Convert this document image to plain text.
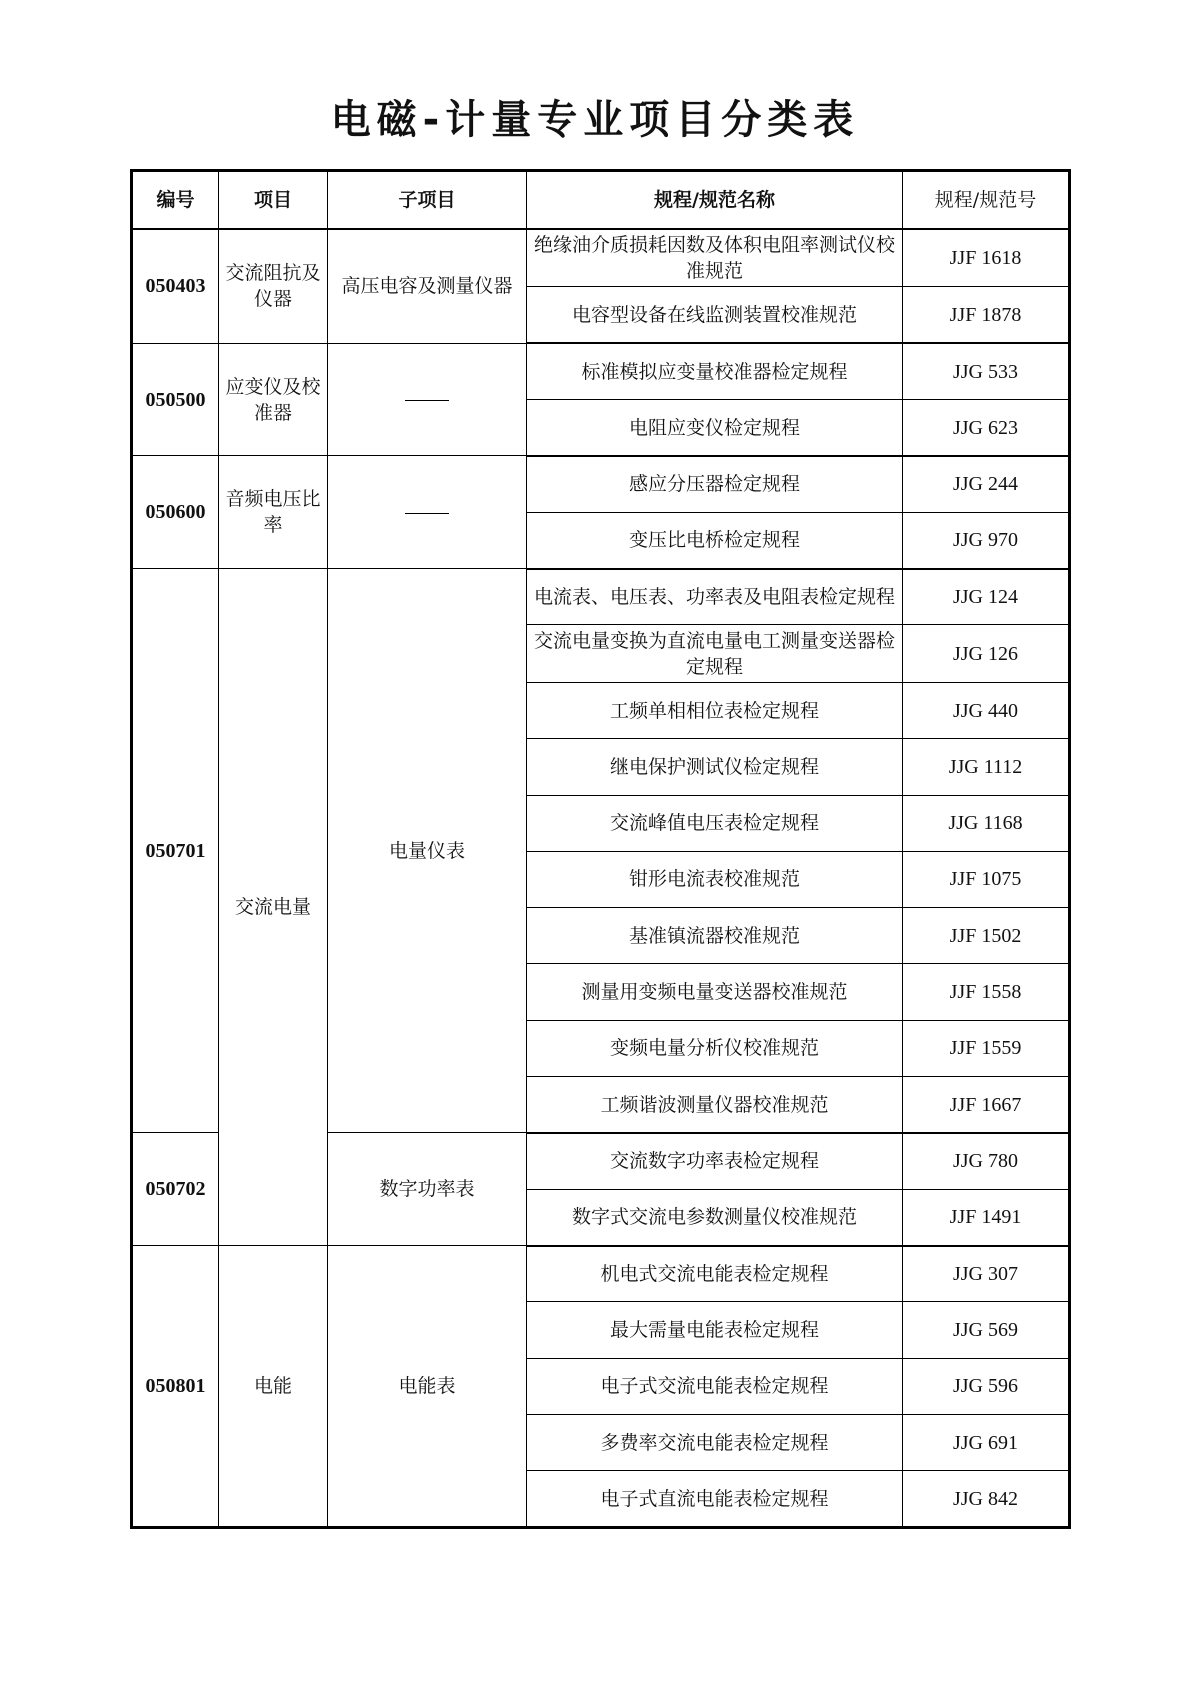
电磁-计量专业项目分类表
编号	项目	子项目	规程/规范名称	规程/规范号
050403	交流阻抗及仪器	高压电容及测量仪器	绝缘油介质损耗因数及体积电阻率测试仪校准规范	JJF 1618
			电容型设备在线监测装置校准规范	JJF 1878
050500	应变仪及校准器		标准模拟应变量校准器检定规程	JJG 533
			电阻应变仪检定规程	JJG 623
050600	音频电压比率		感应分压器检定规程	JJG 244
			变压比电桥检定规程	JJG 970
050701	交流电量	电量仪表	电流表、电压表、功率表及电阻表检定规程	JJG 124
			交流电量变换为直流电量电工测量变送器检定规程	JJG 126
			工频单相相位表检定规程	JJG 440
			继电保护测试仪检定规程	JJG 1112
			交流峰值电压表检定规程	JJG 1168
			钳形电流表校准规范	JJF 1075
			基准镇流器校准规范	JJF 1502
			测量用变频电量变送器校准规范	JJF 1558
			变频电量分析仪校准规范	JJF 1559
			工频谐波测量仪器校准规范	JJF 1667
050702		数字功率表	交流数字功率表检定规程	JJG 780
			数字式交流电参数测量仪校准规范	JJF 1491
050801	电能	电能表	机电式交流电能表检定规程	JJG 307
			最大需量电能表检定规程	JJG 569
			电子式交流电能表检定规程	JJG 596
			多费率交流电能表检定规程	JJG 691
			电子式直流电能表检定规程	JJG 842
